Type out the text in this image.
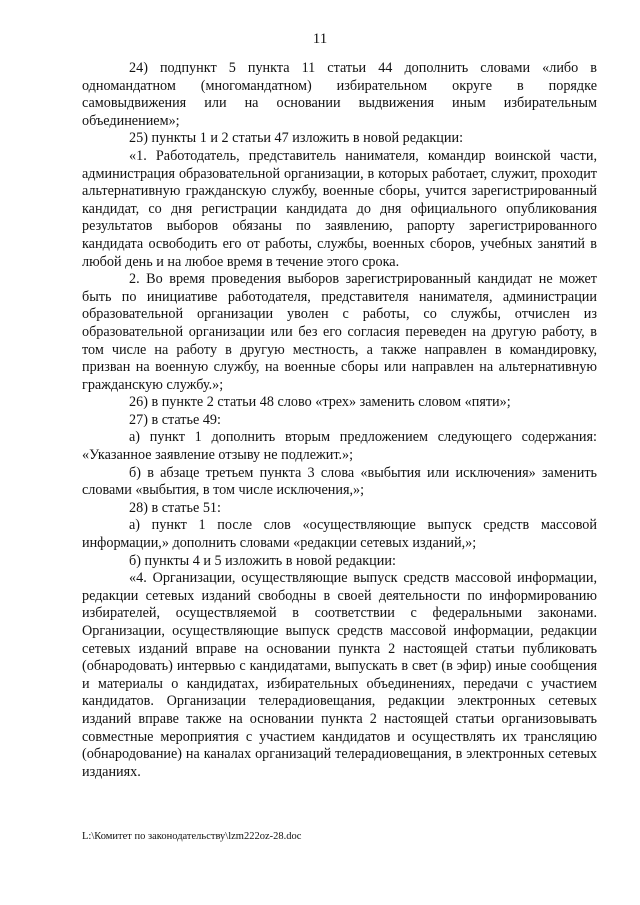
11

24) подпункт 5 пункта 11 статьи 44 дополнить словами «либо в одномандатном (многомандатном) избирательном округе в порядке самовыдвижения или на основании выдвижения иным избирательным объединением»;

25) пункты 1 и 2 статьи 47 изложить в новой редакции:

«1. Работодатель, представитель нанимателя, командир воинской части, администрация образовательной организации, в которых работает, служит, проходит альтернативную гражданскую службу, военные сборы, учится зарегистрированный кандидат, со дня регистрации кандидата до дня официального опубликования результатов выборов обязаны по заявлению, рапорту зарегистрированного кандидата освободить его от работы, службы, военных сборов, учебных занятий в любой день и на любое время в течение этого срока.

2. Во время проведения выборов зарегистрированный кандидат не может быть по инициативе работодателя, представителя нанимателя, администрации образовательной организации уволен с работы, со службы, отчислен из образовательной организации или без его согласия переведен на другую работу, в том числе на работу в другую местность, а также направлен в командировку, призван на военную службу, на военные сборы или направлен на альтернативную гражданскую службу.»;

26) в пункте 2 статьи 48 слово «трех» заменить словом «пяти»;

27) в статье 49:

а) пункт 1 дополнить вторым предложением следующего содержания: «Указанное заявление отзыву не подлежит.»;

б) в абзаце третьем пункта 3 слова «выбытия или исключения» заменить словами «выбытия, в том числе исключения,»;

28) в статье 51:

а) пункт 1 после слов «осуществляющие выпуск средств массовой информации,» дополнить словами «редакции сетевых изданий,»;

б) пункты 4 и 5 изложить в новой редакции:

«4. Организации, осуществляющие выпуск средств массовой информации, редакции сетевых изданий свободны в своей деятельности по информированию избирателей, осуществляемой в соответствии с федеральными законами. Организации, осуществляющие выпуск средств массовой информации, редакции сетевых изданий вправе на основании пункта 2 настоящей статьи публиковать (обнародовать) интервью с кандидатами, выпускать в свет (в эфир) иные сообщения и материалы о кандидатах, избирательных объединениях, передачи с участием кандидатов. Организации телерадиовещания, редакции электронных сетевых изданий вправе также на основании пункта 2 настоящей статьи организовывать совместные мероприятия с участием кандидатов и осуществлять их трансляцию (обнародование) на каналах организаций телерадиовещания, в электронных сетевых изданиях.

L:\Комитет по законодательству\lzm222oz-28.doc
